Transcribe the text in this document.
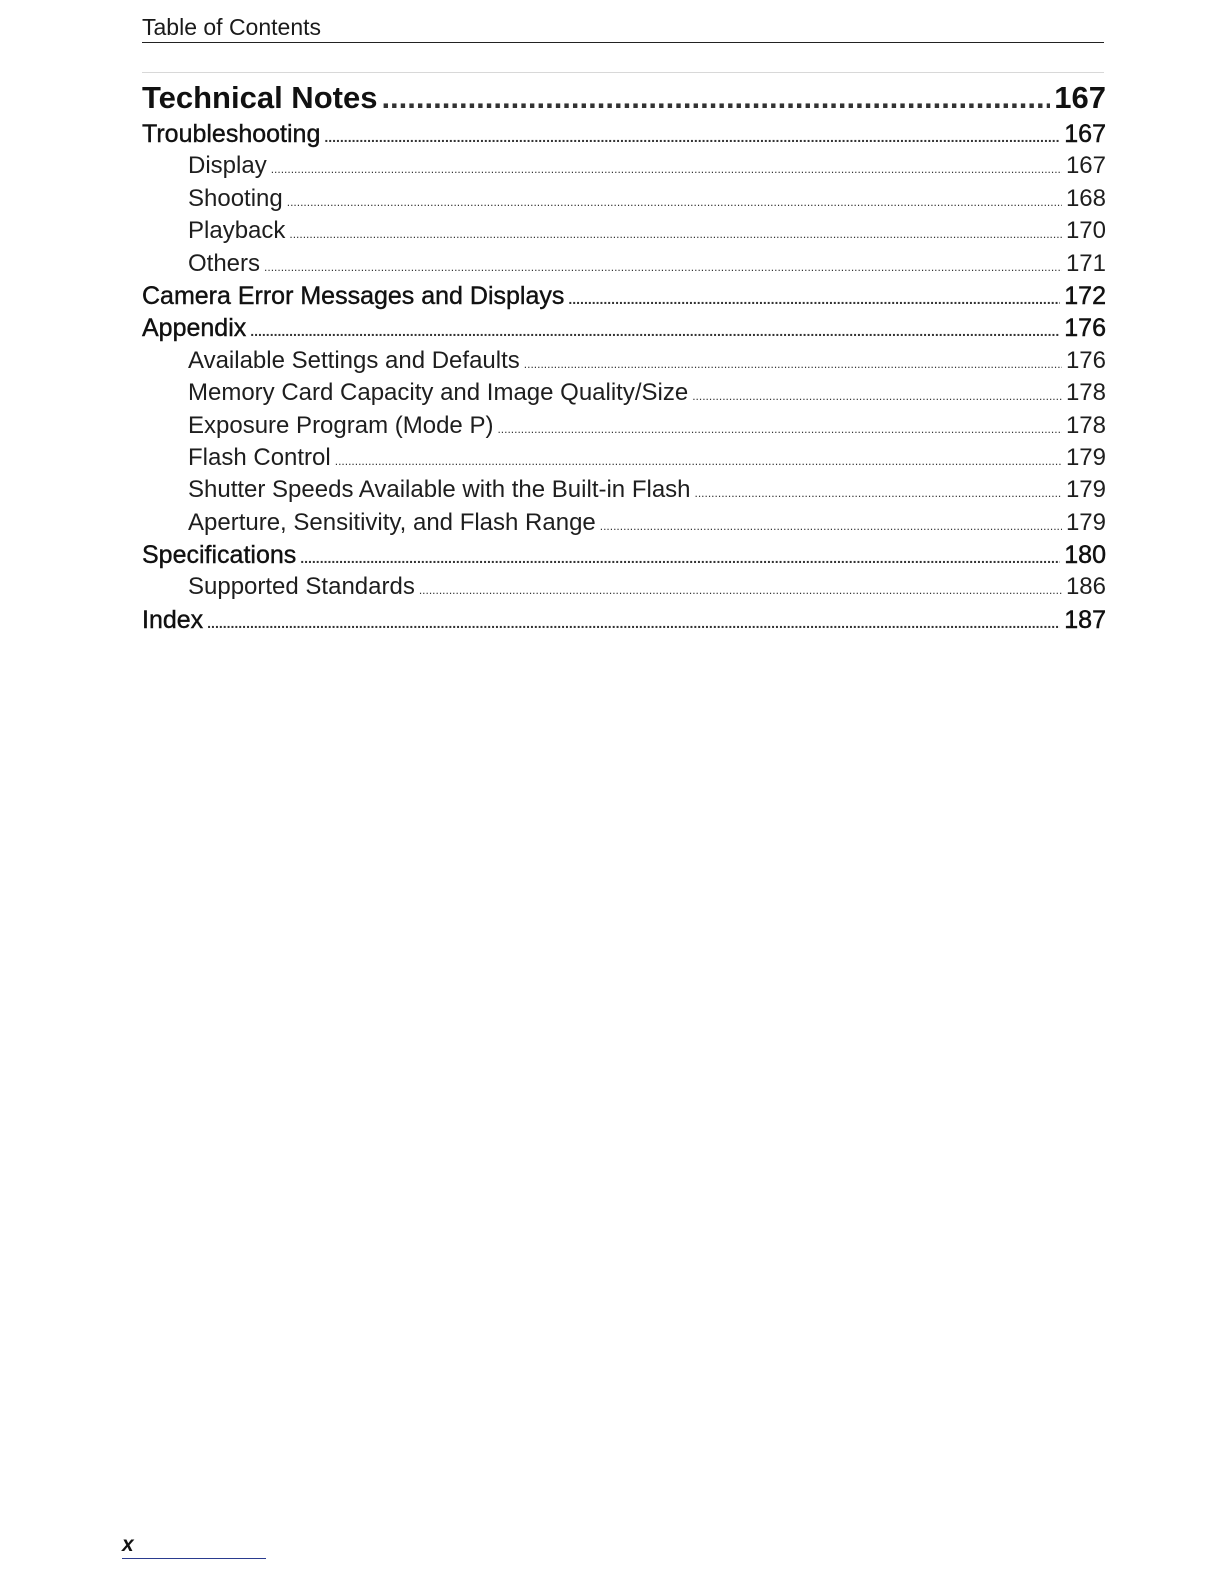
Table of Contents
Technical Notes .....	167
Troubleshooting .....	167
Display .....	167
Shooting .....	168
Playback .....	170
Others .....	171
Camera Error Messages and Displays .....	172
Appendix .....	176
Available Settings and Defaults .....	176
Memory Card Capacity and Image Quality/Size .....	178
Exposure Program (Mode P) .....	178
Flash Control .....	179
Shutter Speeds Available with the Built-in Flash .....	179
Aperture, Sensitivity, and Flash Range .....	179
Specifications .....	180
Supported Standards .....	186
Index .....	187
x
